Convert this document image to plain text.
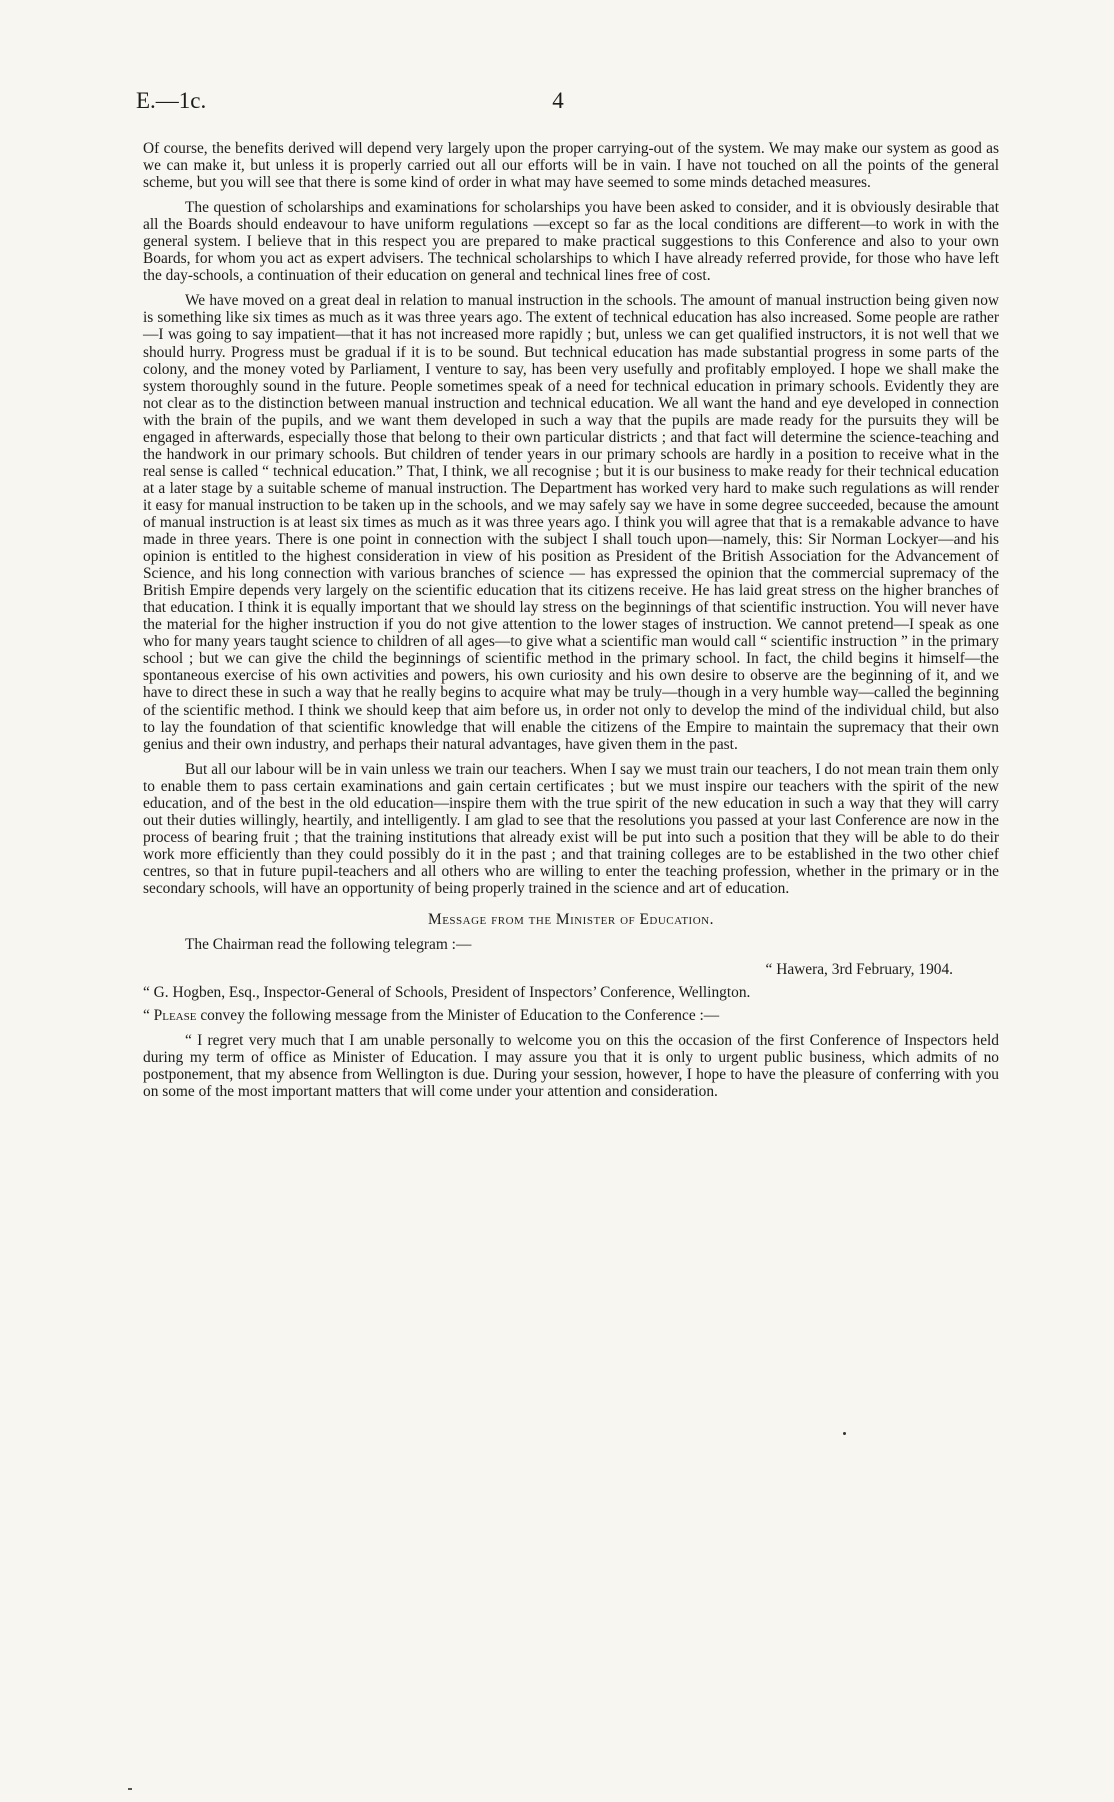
E.—1c.	4

Of course, the benefits derived will depend very largely upon the proper carrying-out of the system. We may make our system as good as we can make it, but unless it is properly carried out all our efforts will be in vain. I have not touched on all the points of the general scheme, but you will see that there is some kind of order in what may have seemed to some minds detached measures.

The question of scholarships and examinations for scholarships you have been asked to consider, and it is obviously desirable that all the Boards should endeavour to have uniform regulations —except so far as the local conditions are different—to work in with the general system. I believe that in this respect you are prepared to make practical suggestions to this Conference and also to your own Boards, for whom you act as expert advisers. The technical scholarships to which I have already referred provide, for those who have left the day-schools, a continuation of their education on general and technical lines free of cost.

We have moved on a great deal in relation to manual instruction in the schools. The amount of manual instruction being given now is something like six times as much as it was three years ago. The extent of technical education has also increased. Some people are rather—I was going to say impatient—that it has not increased more rapidly ; but, unless we can get qualified instructors, it is not well that we should hurry. Progress must be gradual if it is to be sound. But technical education has made substantial progress in some parts of the colony, and the money voted by Parliament, I venture to say, has been very usefully and profitably employed. I hope we shall make the system thoroughly sound in the future. People sometimes speak of a need for technical education in primary schools. Evidently they are not clear as to the distinction between manual instruction and technical education. We all want the hand and eye developed in connection with the brain of the pupils, and we want them developed in such a way that the pupils are made ready for the pursuits they will be engaged in afterwards, especially those that belong to their own particular districts ; and that fact will determine the science-teaching and the handwork in our primary schools. But children of tender years in our primary schools are hardly in a position to receive what in the real sense is called “ technical education.” That, I think, we all recognise ; but it is our business to make ready for their technical education at a later stage by a suitable scheme of manual instruction. The Department has worked very hard to make such regulations as will render it easy for manual instruction to be taken up in the schools, and we may safely say we have in some degree succeeded, because the amount of manual instruction is at least six times as much as it was three years ago. I think you will agree that that is a remakable advance to have made in three years. There is one point in connection with the subject I shall touch upon—namely, this: Sir Norman Lockyer—and his opinion is entitled to the highest consideration in view of his position as President of the British Association for the Advancement of Science, and his long connection with various branches of science — has expressed the opinion that the commercial supremacy of the British Empire depends very largely on the scientific education that its citizens receive. He has laid great stress on the higher branches of that education. I think it is equally important that we should lay stress on the beginnings of that scientific instruction. You will never have the material for the higher instruction if you do not give attention to the lower stages of instruction. We cannot pretend—I speak as one who for many years taught science to children of all ages—to give what a scientific man would call “ scientific instruction ” in the primary school ; but we can give the child the beginnings of scientific method in the primary school. In fact, the child begins it himself—the spontaneous exercise of his own activities and powers, his own curiosity and his own desire to observe are the beginning of it, and we have to direct these in such a way that he really begins to acquire what may be truly—though in a very humble way—called the beginning of the scientific method. I think we should keep that aim before us, in order not only to develop the mind of the individual child, but also to lay the foundation of that scientific knowledge that will enable the citizens of the Empire to maintain the supremacy that their own genius and their own industry, and perhaps their natural advantages, have given them in the past.

But all our labour will be in vain unless we train our teachers. When I say we must train our teachers, I do not mean train them only to enable them to pass certain examinations and gain certain certificates ; but we must inspire our teachers with the spirit of the new education, and of the best in the old education—inspire them with the true spirit of the new education in such a way that they will carry out their duties willingly, heartily, and intelligently. I am glad to see that the resolutions you passed at your last Conference are now in the process of bearing fruit ; that the training institutions that already exist will be put into such a position that they will be able to do their work more efficiently than they could possibly do it in the past ; and that training colleges are to be established in the two other chief centres, so that in future pupil-teachers and all others who are willing to enter the teaching profession, whether in the primary or in the secondary schools, will have an opportunity of being properly trained in the science and art of education.

Message from the Minister of Education.

The Chairman read the following telegram :—

“ Hawera, 3rd February, 1904.

“ G. Hogben, Esq., Inspector-General of Schools, President of Inspectors’ Conference, Wellington.

“ Please convey the following message from the Minister of Education to the Conference :—

“ I regret very much that I am unable personally to welcome you on this the occasion of the first Conference of Inspectors held during my term of office as Minister of Education. I may assure you that it is only to urgent public business, which admits of no postponement, that my absence from Wellington is due. During your session, however, I hope to have the pleasure of conferring with you on some of the most important matters that will come under your attention and consideration.
